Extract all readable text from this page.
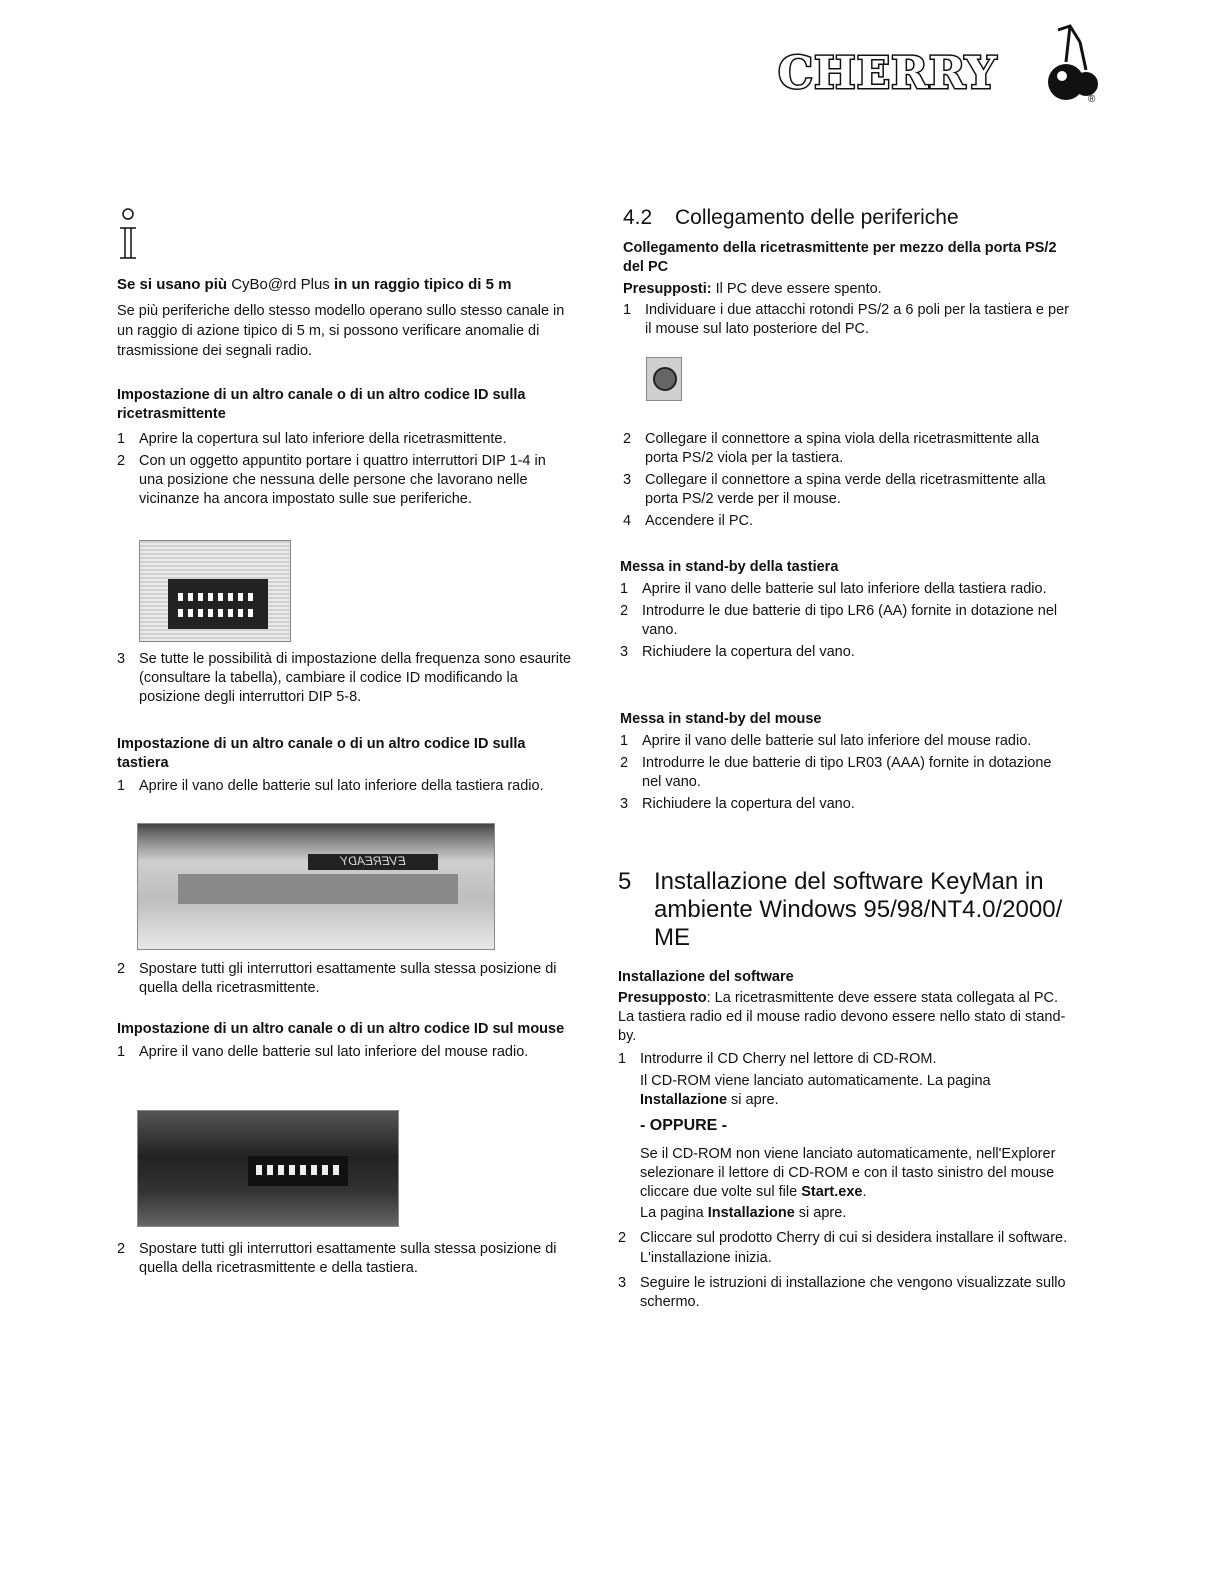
CHERRY
®

Se si usano più CyBo@rd Plus in un raggio tipico di 5 m

Se più periferiche dello stesso modello operano sullo stesso canale in un raggio di azione tipico di 5 m, si possono verificare anomalie di trasmissione dei segnali radio.

Impostazione di un altro canale o di un altro codice ID sulla ricetrasmittente

1 Aprire la copertura sul lato inferiore della ricetrasmittente.

2 Con un oggetto appuntito portare i quattro interruttori DIP 1-4 in una posizione che nessuna delle persone che lavorano nelle vicinanze ha ancora impostato sulle sue periferiche.

3 Se tutte le possibilità di impostazione della frequenza sono esaurite (consultare la tabella), cambiare il codice ID modificando la posizione degli interruttori DIP 5-8.

Impostazione di un altro canale o di un altro codice ID sulla tastiera

1 Aprire il vano delle batterie sul lato inferiore della tastiera radio.

EVEREADY

2 Spostare tutti gli interruttori esattamente sulla stessa posizione di quella della ricetrasmittente.

Impostazione di un altro canale o di un altro codice ID sul mouse

1 Aprire il vano delle batterie sul lato inferiore del mouse radio.

2 Spostare tutti gli interruttori esattamente sulla stessa posizione di quella della ricetrasmittente e della tastiera.

4.2 Collegamento delle periferiche

Collegamento della ricetrasmittente per mezzo della porta PS/2 del PC

Presupposti: Il PC deve essere spento.

1 Individuare i due attacchi rotondi PS/2 a 6 poli per la tastiera e per il mouse sul lato posteriore del PC.

2 Collegare il connettore a spina viola della ricetrasmittente alla porta PS/2 viola per la tastiera.

3 Collegare il connettore a spina verde della ricetrasmittente alla porta PS/2 verde per il mouse.

4 Accendere il PC.

Messa in stand-by della tastiera

1 Aprire il vano delle batterie sul lato inferiore della tastiera radio.

2 Introdurre le due batterie di tipo LR6 (AA) fornite in dotazione nel vano.

3 Richiudere la copertura del vano.

Messa in stand-by del mouse

1 Aprire il vano delle batterie sul lato inferiore del mouse radio.

2 Introdurre le due batterie di tipo LR03 (AAA) fornite in dotazione nel vano.

3 Richiudere la copertura del vano.

5 Installazione del software KeyMan in ambiente Windows 95/98/NT4.0/2000/ ME

Installazione del software

Presupposto: La ricetrasmittente deve essere stata collegata al PC. La tastiera radio ed il mouse radio devono essere nello stato di stand-by.

1 Introdurre il CD Cherry nel lettore di CD-ROM.

Il CD-ROM viene lanciato automaticamente. La pagina Installazione si apre.

- OPPURE -

Se il CD-ROM non viene lanciato automaticamente, nell'Explorer selezionare il lettore di CD-ROM e con il tasto sinistro del mouse cliccare due volte sul file Start.exe.

La pagina Installazione si apre.

2 Cliccare sul prodotto Cherry di cui si desidera installare il software.

L'installazione inizia.

3 Seguire le istruzioni di installazione che vengono visualizzate sullo schermo.
